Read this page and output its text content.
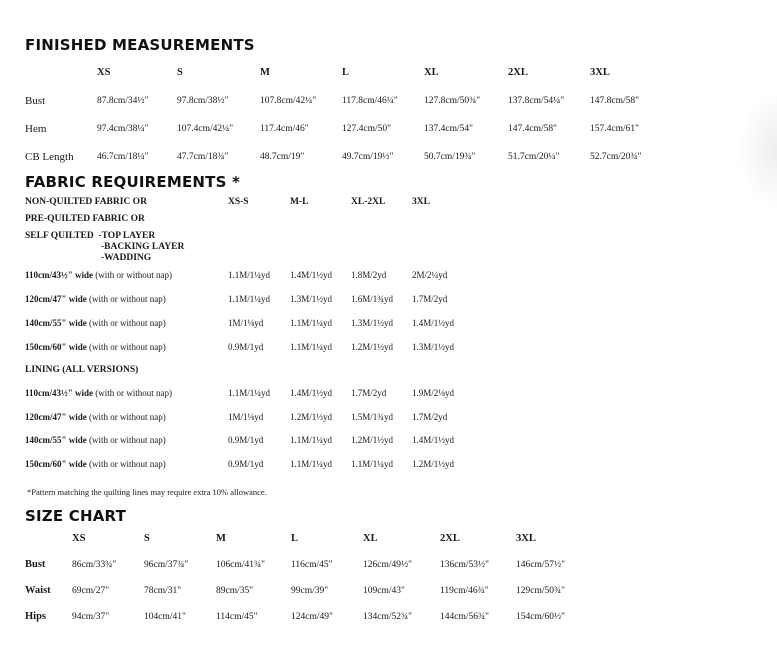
FINISHED MEASUREMENTS
XS	S	M	L	XL	2XL	3XL
Bust	87.8cm/34½"	97.8cm/38½"	107.8cm/42¼"	117.8cm/46¼"	127.8cm/50¾"	137.8cm/54¼"	147.8cm/58"
Hem	97.4cm/38¼"	107.4cm/42¼"	117.4cm/46"	127.4cm/50"	137.4cm/54"	147.4cm/58"	157.4cm/61"
CB Length 46.7cm/18¼"	47.7cm/18¾"	48.7cm/19"	49.7cm/19½"	50.7cm/19¾"	51.7cm/20¼"	52.7cm/20¾"
FABRIC REQUIREMENTS *
NON-QUILTED FABRIC OR
PRE-QUILTED FABRIC OR
SELF QUILTED  -TOP LAYER
-BACKING LAYER
-WADDING
XS-S	M-L	XL-2XL	3XL
110cm/43½" wide (with or without nap)	1.1M/1¼yd 1.4M/1½yd 1.8M/2yd	2M/2¼yd
120cm/47" wide (with or without nap)	1.1M/1¼yd 1.3M/1½yd 1.6M/1¾yd 1.7M/2yd
140cm/55" wide (with or without nap)	1M/1⅛yd	1.1M/1¼yd 1.3M/1½yd 1.4M/1½yd
150cm/60" wide (with or without nap)	0.9M/1yd	1.1M/1¼yd 1.2M/1½yd 1.3M/1½yd
LINING (ALL VERSIONS)
110cm/43½" wide (with or without nap)	1.1M/1¼yd 1.4M/1½yd 1.7M/2yd	1.9M/2⅛yd
120cm/47" wide (with or without nap)	1M/1⅛yd	1.2M/1⅓yd 1.5M/1¾yd 1.7M/2yd
140cm/55" wide (with or without nap)	0.9M/1yd	1.1M/1¼yd 1.2M/1½yd 1.4M/1½yd
150cm/60" wide (with or without nap)	0.9M/1yd	1.1M/1¼yd 1.1M/1¼yd 1.2M/1½yd
*Pattern matching the quilting lines may require extra 10% allowance.
SIZE CHART
XS	S	M	L	XL	2XL	3XL
Bust	86cm/33¾"	96cm/37¾"	106cm/41¾"	116cm/45"	126cm/49½"	136cm/53½"	146cm/57½"
Waist 69cm/27"	78cm/31"	89cm/35"	99cm/39"	109cm/43"	119cm/46¾"	129cm/50¾"
Hips	94cm/37"	104cm/41"	114cm/45"	124cm/49"	134cm/52¾"	144cm/56¾"	154cm/60½"
